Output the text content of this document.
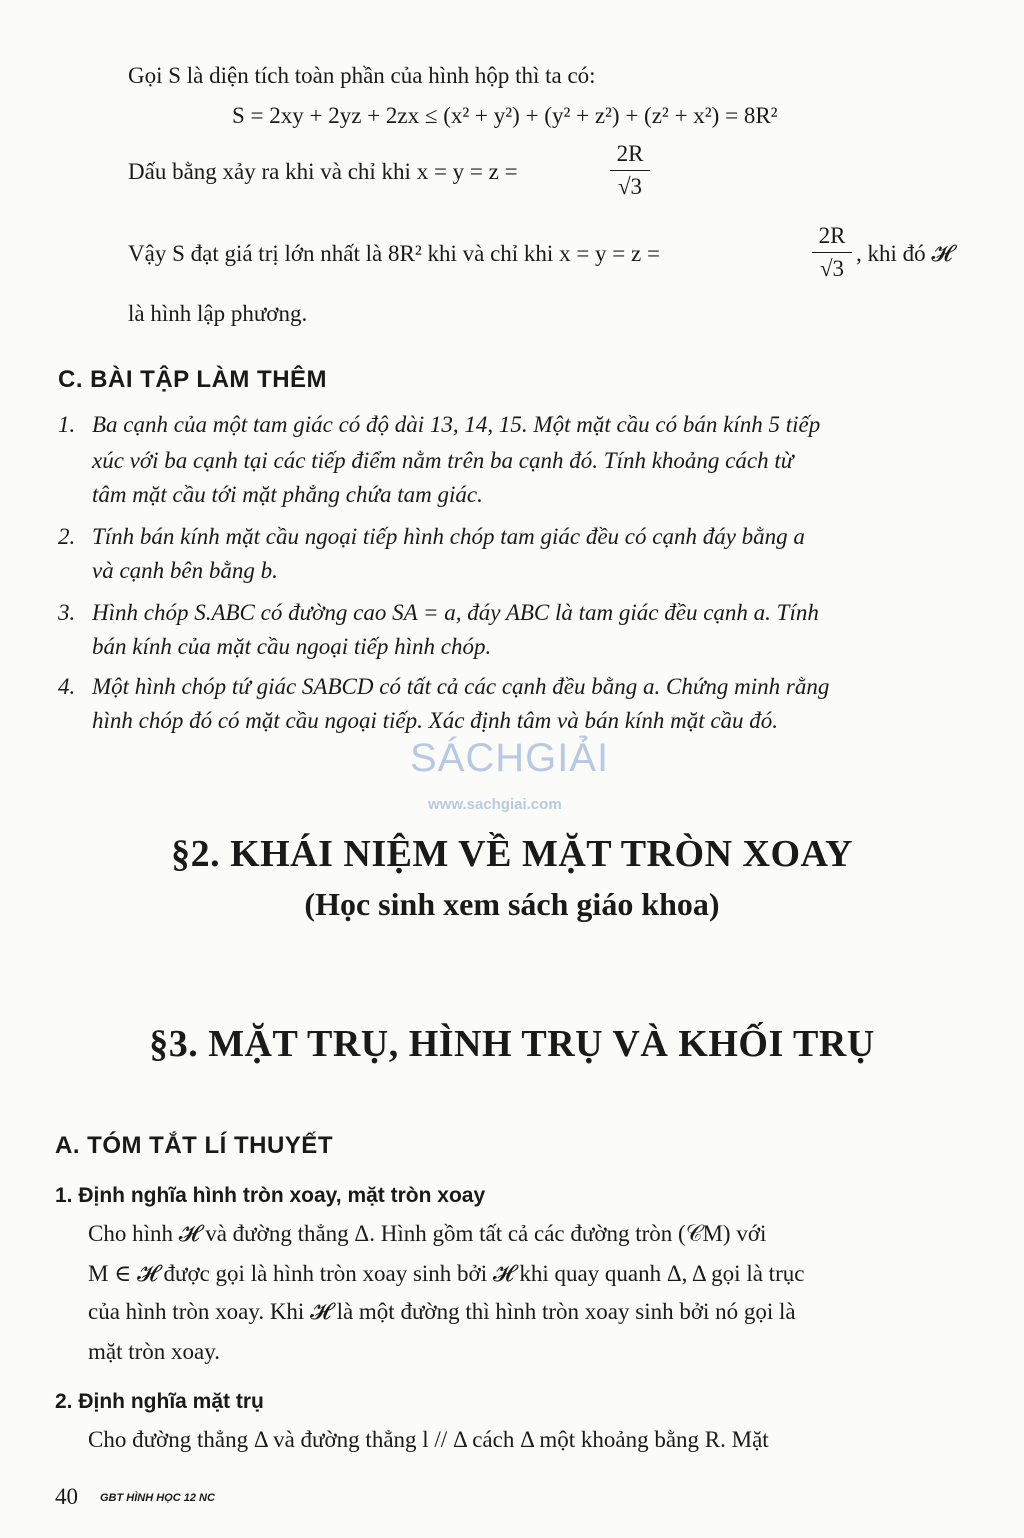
Gọi S là diện tích toàn phần của hình hộp thì ta có:
S = 2xy + 2yz + 2zx ≤ (x² + y²) + (y² + z²) + (z² + x²) = 8R²
Dấu bằng xảy ra khi và chỉ khi x = y = z =	$\frac{2R}{√3}$
Vậy S đạt giá trị lớn nhất là 8R² khi và chỉ khi x = y = z =	$\frac{2R}{√3}$ , khi đó 𝓗
là hình lập phương.
C. BÀI TẬP LÀM THÊM
1. Ba cạnh của một tam giác có độ dài 13, 14, 15. Một mặt cầu có bán kính 5 tiếp
xúc với ba cạnh tại các tiếp điểm nằm trên ba cạnh đó. Tính khoảng cách từ
tâm mặt cầu tới mặt phẳng chứa tam giác.
2. Tính bán kính mặt cầu ngoại tiếp hình chóp tam giác đều có cạnh đáy bằng a
và cạnh bên bằng b.
3. Hình chóp S.ABC có đường cao SA = a, đáy ABC là tam giác đều cạnh a. Tính
bán kính của mặt cầu ngoại tiếp hình chóp.
4. Một hình chóp tứ giác SABCD có tất cả các cạnh đều bằng a. Chứng minh rằng
hình chóp đó có mặt cầu ngoại tiếp. Xác định tâm và bán kính mặt cầu đó.
SÁCHGIẢI
www.sachgiai.com
§2. KHÁI NIỆM VỀ MẶT TRÒN XOAY
(Học sinh xem sách giáo khoa)
§3. MẶT TRỤ, HÌNH TRỤ VÀ KHỐI TRỤ
A. TÓM TẮT LÍ THUYẾT
1. Định nghĩa hình tròn xoay, mặt tròn xoay
Cho hình 𝓗 và đường thẳng Δ. Hình gồm tất cả các đường tròn (𝒞M) với
M ∈ 𝓗 được gọi là hình tròn xoay sinh bởi 𝓗 khi quay quanh Δ, Δ gọi là trục
của hình tròn xoay. Khi 𝓗 là một đường thì hình tròn xoay sinh bởi nó gọi là
mặt tròn xoay.
2. Định nghĩa mặt trụ
Cho đường thẳng Δ và đường thẳng l // Δ cách Δ một khoảng bằng R. Mặt
40 GBT HÌNH HỌC 12 NC
